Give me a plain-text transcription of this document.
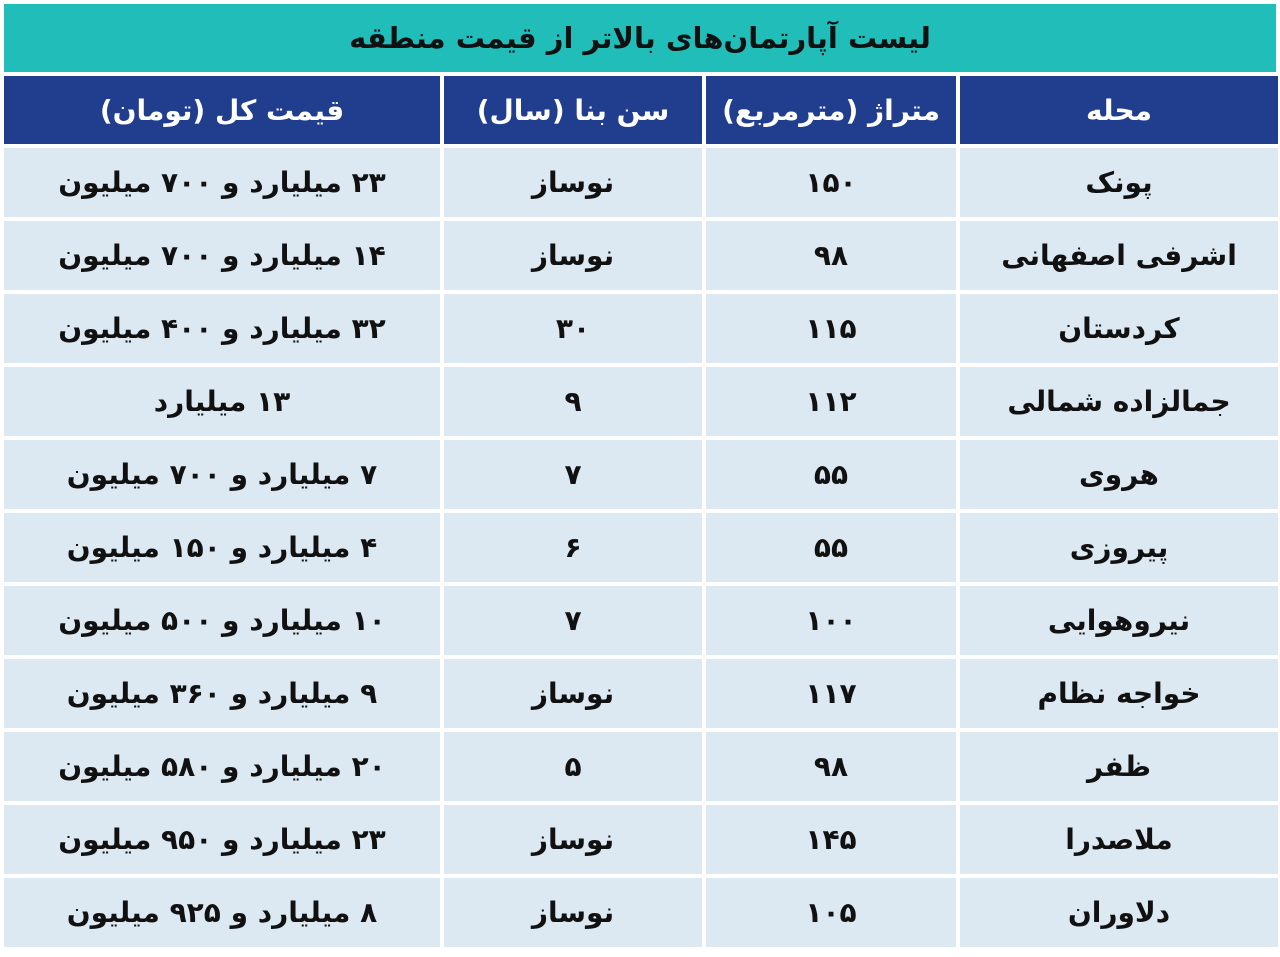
لیست آپارتمان‌های بالاتر از قیمت منطقه
محله	متراژ (مترمربع)	سن بنا (سال)	قیمت کل (تومان)
پونک	۱۵۰	نوساز	۲۳ میلیارد و ۷۰۰ میلیون
اشرفی اصفهانی	۹۸	نوساز	۱۴ میلیارد و ۷۰۰ میلیون
کردستان	۱۱۵	۳۰	۳۲ میلیارد و ۴۰۰ میلیون
جمالزاده شمالی	۱۱۲	۹	۱۳ میلیارد
هروی	۵۵	۷	۷ میلیارد و ۷۰۰ میلیون
پیروزی	۵۵	۶	۴ میلیارد و ۱۵۰ میلیون
نیروهوایی	۱۰۰	۷	۱۰ میلیارد و ۵۰۰ میلیون
خواجه نظام	۱۱۷	نوساز	۹ میلیارد و ۳۶۰ میلیون
ظفر	۹۸	۵	۲۰ میلیارد و ۵۸۰ میلیون
ملاصدرا	۱۴۵	نوساز	۲۳ میلیارد و ۹۵۰ میلیون
دلاوران	۱۰۵	نوساز	۸ میلیارد و ۹۲۵ میلیون
